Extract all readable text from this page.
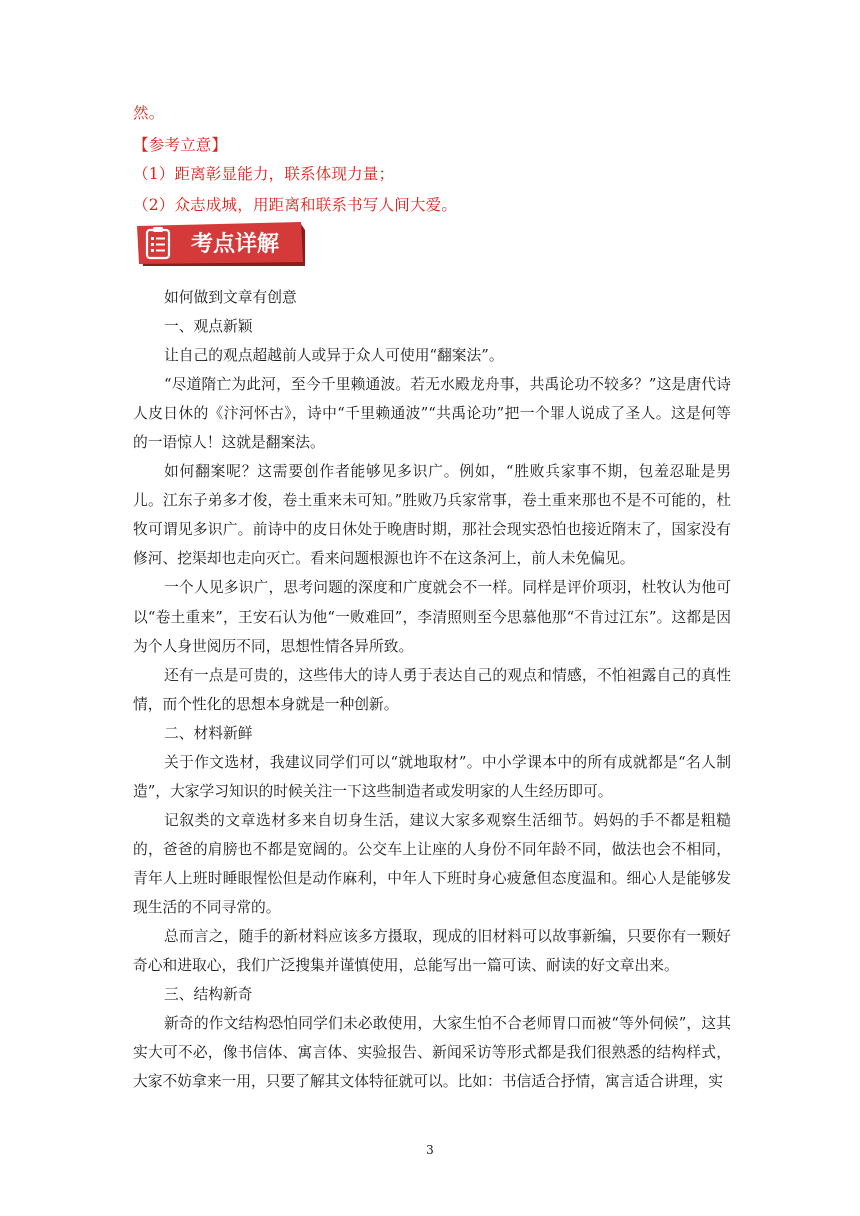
然。
【参考立意】
（1）距离彰显能力，联系体现力量；
（2）众志成城，用距离和联系书写人间大爱。
考点详解

如何做到文章有创意

一、观点新颖

让自己的观点超越前人或异于众人可使用“翻案法”。

“尽道隋亡为此河，至今千里赖通波。若无水殿龙舟事，共禹论功不较多？”这是唐代诗人皮日休的《汴河怀古》，诗中“千里赖通波”“共禹论功”把一个罪人说成了圣人。这是何等的一语惊人！这就是翻案法。

如何翻案呢？这需要创作者能够见多识广。例如，“胜败兵家事不期，包羞忍耻是男儿。江东子弟多才俊，卷土重来未可知。”胜败乃兵家常事，卷土重来那也不是不可能的，杜牧可谓见多识广。前诗中的皮日休处于晚唐时期，那社会现实恐怕也接近隋末了，国家没有修河、挖渠却也走向灭亡。看来问题根源也许不在这条河上，前人未免偏见。

一个人见多识广，思考问题的深度和广度就会不一样。同样是评价项羽，杜牧认为他可以“卷土重来”，王安石认为他“一败难回”，李清照则至今思慕他那“不肯过江东”。这都是因为个人身世阅历不同，思想性情各异所致。

还有一点是可贵的，这些伟大的诗人勇于表达自己的观点和情感，不怕袒露自己的真性情，而个性化的思想本身就是一种创新。

二、材料新鲜

关于作文选材，我建议同学们可以“就地取材”。中小学课本中的所有成就都是“名人制造”，大家学习知识的时候关注一下这些制造者或发明家的人生经历即可。

记叙类的文章选材多来自切身生活，建议大家多观察生活细节。妈妈的手不都是粗糙的，爸爸的肩膀也不都是宽阔的。公交车上让座的人身份不同年龄不同，做法也会不相同，青年人上班时睡眼惺忪但是动作麻利，中年人下班时身心疲惫但态度温和。细心人是能够发现生活的不同寻常的。

总而言之，随手的新材料应该多方摄取，现成的旧材料可以故事新编，只要你有一颗好奇心和进取心，我们广泛搜集并谨慎使用，总能写出一篇可读、耐读的好文章出来。

三、结构新奇

新奇的作文结构恐怕同学们未必敢使用，大家生怕不合老师胃口而被“等外伺候”，这其实大可不必，像书信体、寓言体、实验报告、新闻采访等形式都是我们很熟悉的结构样式，大家不妨拿来一用，只要了解其文体特征就可以。比如：书信适合抒情，寓言适合讲理，实

3
